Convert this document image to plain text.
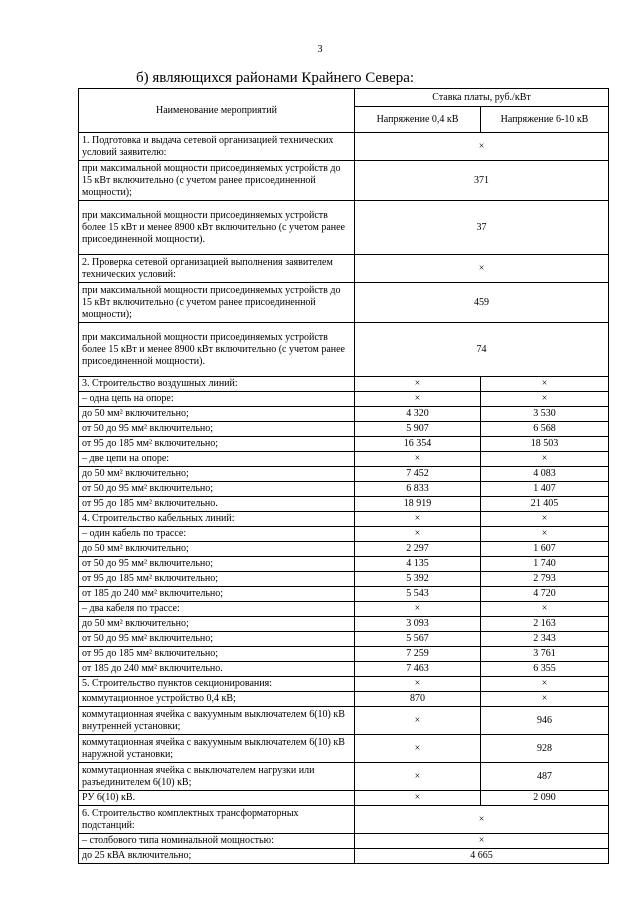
3
б) являющихся районами Крайнего Севера:
Наименование мероприятий	Ставка платы, руб./кВт	
	Напряжение 0,4 кВ	Напряжение 6-10 кВ
1. Подготовка и выдача сетевой организацией технических условий заявителю:	×	
при максимальной мощности присоединяемых устройств до 15 кВт включительно (с учетом ранее присоединенной мощности);	371	
при максимальной мощности присоединяемых устройств более 15 кВт и менее 8900 кВт включительно (с учетом ранее присоединенной мощности).	37	
2. Проверка сетевой организацией выполнения заявителем технических условий:	×	
при максимальной мощности присоединяемых устройств до 15 кВт включительно (с учетом ранее присоединенной мощности);	459	
при максимальной мощности присоединяемых устройств более 15 кВт и менее 8900 кВт включительно (с учетом ранее присоединенной мощности).	74	
3. Строительство воздушных линий:	×	×
– одна цепь на опоре:	×	×
до 50 мм² включительно;	4 320	3 530
от 50 до 95 мм² включительно;	5 907	6 568
от 95 до 185 мм² включительно;	16 354	18 503
– две цепи на опоре:	×	×
до 50 мм² включительно;	7 452	4 083
от 50 до 95 мм² включительно;	6 833	1 407
от 95 до 185 мм² включительно.	18 919	21 405
4. Строительство кабельных линий:	×	×
– один кабель по трассе:	×	×
до 50 мм² включительно;	2 297	1 607
от 50 до 95 мм² включительно;	4 135	1 740
от 95 до 185 мм² включительно;	5 392	2 793
от 185 до 240 мм² включительно;	5 543	4 720
– два кабеля по трассе:	×	×
до 50 мм² включительно;	3 093	2 163
от 50 до 95 мм² включительно;	5 567	2 343
от 95 до 185 мм² включительно;	7 259	3 761
от 185 до 240 мм² включительно.	7 463	6 355
5. Строительство пунктов секционирования:	×	×
коммутационное устройство 0,4 кВ;	870	×
коммутационная ячейка с вакуумным выключателем 6(10) кВ внутренней установки;	×	946
коммутационная ячейка с вакуумным выключателем 6(10) кВ наружной установки;	×	928
коммутационная ячейка с выключателем нагрузки или разъединителем 6(10) кВ;	×	487
РУ 6(10) кВ.	×	2 090
6. Строительство комплектных трансформаторных подстанций:	×	
– столбового типа номинальной мощностью:	×	
до 25 кВА включительно;	4 665	
